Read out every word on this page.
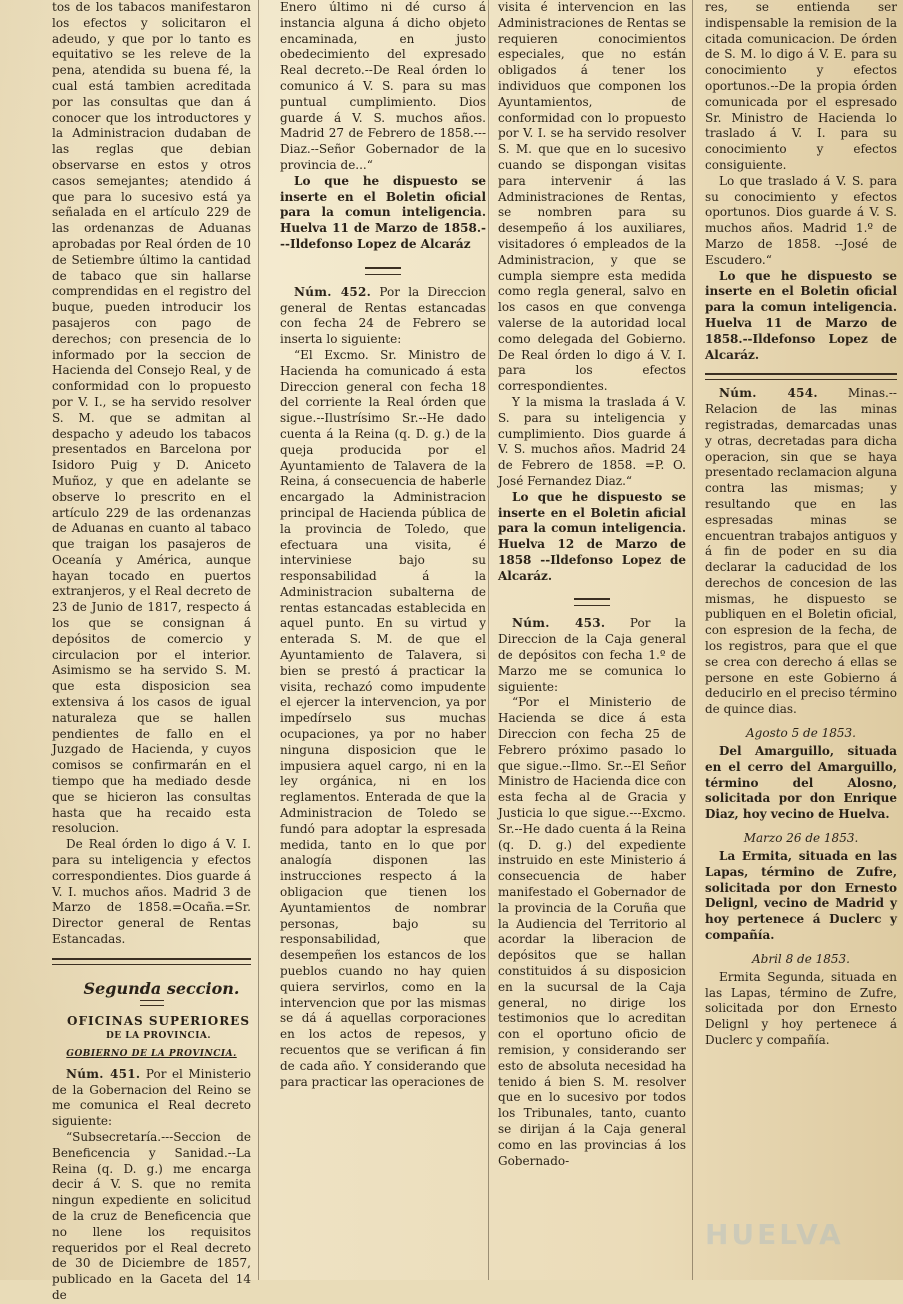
tos de los tabacos manifestaron los efectos y solicitaron el adeudo, y que por lo tanto es equitativo se les releve de la pena, atendida su buena fé, la cual está tambien acreditada por las consultas que dan á conocer que los introductores y la Administracion dudaban de las reglas que debian observarse en estos y otros casos semejantes; atendido á que para lo sucesivo está ya señalada en el artículo 229 de las ordenanzas de Aduanas aprobadas por Real órden de 10 de Setiembre último la cantidad de tabaco que sin hallarse comprendidas en el registro del buque, pueden introducir los pasajeros con pago de derechos; con presencia de lo informado por la seccion de Hacienda del Consejo Real, y de conformidad con lo propuesto por V. I., se ha servido resolver S. M. que se admitan al despacho y adeudo los tabacos presentados en Barcelona por Isidoro Puig y D. Aniceto Muñoz, y que en adelante se observe lo prescrito en el artículo 229 de las ordenanzas de Aduanas en cuanto al tabaco que traigan los pasajeros de Oceanía y América, aunque hayan tocado en puertos extranjeros, y el Real decreto de 23 de Junio de 1817, respecto á los que se consignan á depósitos de comercio y circulacion por el interior. Asimismo se ha servido S. M. que esta disposicion sea extensiva á los casos de igual naturaleza que se hallen pendientes de fallo en el Juzgado de Hacienda, y cuyos comisos se confirmarán en el tiempo que ha mediado desde que se hicieron las consultas hasta que ha recaido esta resolucion.

De Real órden lo digo á V. I. para su inteligencia y efectos correspondientes. Dios guarde á V. I. muchos años. Madrid 3 de Marzo de 1858.=Ocaña.=Sr. Director general de Rentas Estancadas.

Segunda seccion.
OFICINAS SUPERIORES
DE LA PROVINCIA.
GOBIERNO DE LA PROVINCIA.

Núm. 451. Por el Ministerio de la Gobernacion del Reino se me comunica el Real decreto siguiente:

“Subsecretaría.---Seccion de Beneficencia y Sanidad.--La Reina (q. D. g.) me encarga decir á V. S. que no remita ningun expediente en solicitud de la cruz de Beneficencia que no llene los requisitos requeridos por el Real decreto de 30 de Diciembre de 1857, publicado en la Gaceta del 14 de

Enero último ni dé curso á instancia alguna á dicho objeto encaminada, en justo obedecimiento del expresado Real decreto.--De Real órden lo comunico á V. S. para su mas puntual cumplimiento. Dios guarde á V. S. muchos años. Madrid 27 de Febrero de 1858.---Diaz.--Señor Gobernador de la provincia de...“

Lo que he dispuesto se inserte en el Boletin oficial para la comun inteligencia. Huelva 11 de Marzo de 1858.---Ildefonso Lopez de Alcaráz

Núm. 452. Por la Direccion general de Rentas estancadas con fecha 24 de Febrero se inserta lo siguiente:

“El Excmo. Sr. Ministro de Hacienda ha comunicado á esta Direccion general con fecha 18 del corriente la Real órden que sigue.--Ilustrísimo Sr.--He dado cuenta á la Reina (q. D. g.) de la queja producida por el Ayuntamiento de Talavera de la Reina, á consecuencia de haberle encargado la Administracion principal de Hacienda pública de la provincia de Toledo, que efectuara una visita, é interviniese bajo su responsabilidad á la Administracion subalterna de rentas estancadas establecida en aquel punto. En su virtud y enterada S. M. de que el Ayuntamiento de Talavera, si bien se prestó á practicar la visita, rechazó como impudente el ejercer la intervencion, ya por impedírselo sus muchas ocupaciones, ya por no haber ninguna disposicion que le impusiera aquel cargo, ni en la ley orgánica, ni en los reglamentos. Enterada de que la Administracion de Toledo se fundó para adoptar la espresada medida, tanto en lo que por analogía disponen las instrucciones respecto á la obligacion que tienen los Ayuntamientos de nombrar personas, bajo su responsabilidad, que desempeñen los estancos de los pueblos cuando no hay quien quiera servirlos, como en la intervencion que por las mismas se dá á aquellas corporaciones en los actos de repesos, y recuentos que se verifican á fin de cada año. Y considerando que para practicar las operaciones de

visita é intervencion en las Administraciones de Rentas se requieren conocimientos especiales, que no están obligados á tener los individuos que componen los Ayuntamientos, de conformidad con lo propuesto por V. I. se ha servido resolver S. M. que que en lo sucesivo cuando se dispongan visitas para intervenir á las Administraciones de Rentas, se nombren para su desempeño á los auxiliares, visitadores ó empleados de la Administracion, y que se cumpla siempre esta medida como regla general, salvo en los casos en que convenga valerse de la autoridad local como delegada del Gobierno. De Real órden lo digo á V. I. para los efectos correspondientes.

Y la misma la traslada á V. S. para su inteligencia y cumplimiento. Dios guarde á V. S. muchos años. Madrid 24 de Febrero de 1858. =P. O. José Fernandez Diaz.“

Lo que he dispuesto se inserte en el Boletin aficial para la comun inteligencia. Huelva 12 de Marzo de 1858 --Ildefonso Lopez de Alcaráz.

Núm. 453. Por la Direccion de la Caja general de depósitos con fecha 1.º de Marzo me se comunica lo siguiente:

“Por el Ministerio de Hacienda se dice á esta Direccion con fecha 25 de Febrero próximo pasado lo que sigue.--Ilmo. Sr.--El Señor Ministro de Hacienda dice con esta fecha al de Gracia y Justicia lo que sigue.---Excmo. Sr.--He dado cuenta á la Reina (q. D. g.) del expediente instruido en este Ministerio á consecuencia de haber manifestado el Gobernador de la provincia de la Coruña que la Audiencia del Territorio al acordar la liberacion de depósitos que se hallan constituidos á su disposicion en la sucursal de la Caja general, no dirige los testimonios que lo acreditan con el oportuno oficio de remision, y considerando ser esto de absoluta necesidad ha tenido á bien S. M. resolver que en lo sucesivo por todos los Tribunales, tanto, cuanto se dirijan á la Caja general como en las provincias á los Gobernado-

res, se entienda ser indispensable la remision de la citada comunicacion. De órden de S. M. lo digo á V. E. para su conocimiento y efectos oportunos.--De la propia órden comunicada por el espresado Sr. Ministro de Hacienda lo traslado á V. I. para su conocimiento y efectos consiguiente.

Lo que traslado á V. S. para su conocimiento y efectos oportunos. Dios guarde á V. S. muchos años. Madrid 1.º de Marzo de 1858. --José de Escudero.“

Lo que he dispuesto se inserte en el Boletin oficial para la comun inteligencia. Huelva 11 de Marzo de 1858.--Ildefonso Lopez de Alcaráz.

Núm. 454.	Minas.--Relacion de las minas registradas, demarcadas unas y otras, decretadas para dicha operacion, sin que se haya presentado reclamacion alguna contra las mismas; y resultando que en las espresadas minas se encuentran trabajos antiguos y á fin de poder en su dia declarar la caducidad de los derechos de concesion de las mismas, he dispuesto se publiquen en el Boletin oficial, con espresion de la fecha, de los registros, para que el que se crea con derecho á ellas se persone en este Gobierno á deducirlo en el preciso término de quince dias.

Agosto 5 de 1853.

Del Amarguillo, situada en el cerro del Amarguillo, término del Alosno, solicitada por don Enrique Diaz, hoy vecino de Huelva.

Marzo 26 de 1853.

La Ermita, situada en las Lapas, término de Zufre, solicitada por don Ernesto Delignl, vecino de Madrid y hoy pertenece á Duclerc y compañía.

Abril 8 de 1853.

Ermita Segunda, situada en las Lapas, término de Zufre, solicitada por don Ernesto Delignl y hoy pertenece á Duclerc y compañía.

HUELVA
